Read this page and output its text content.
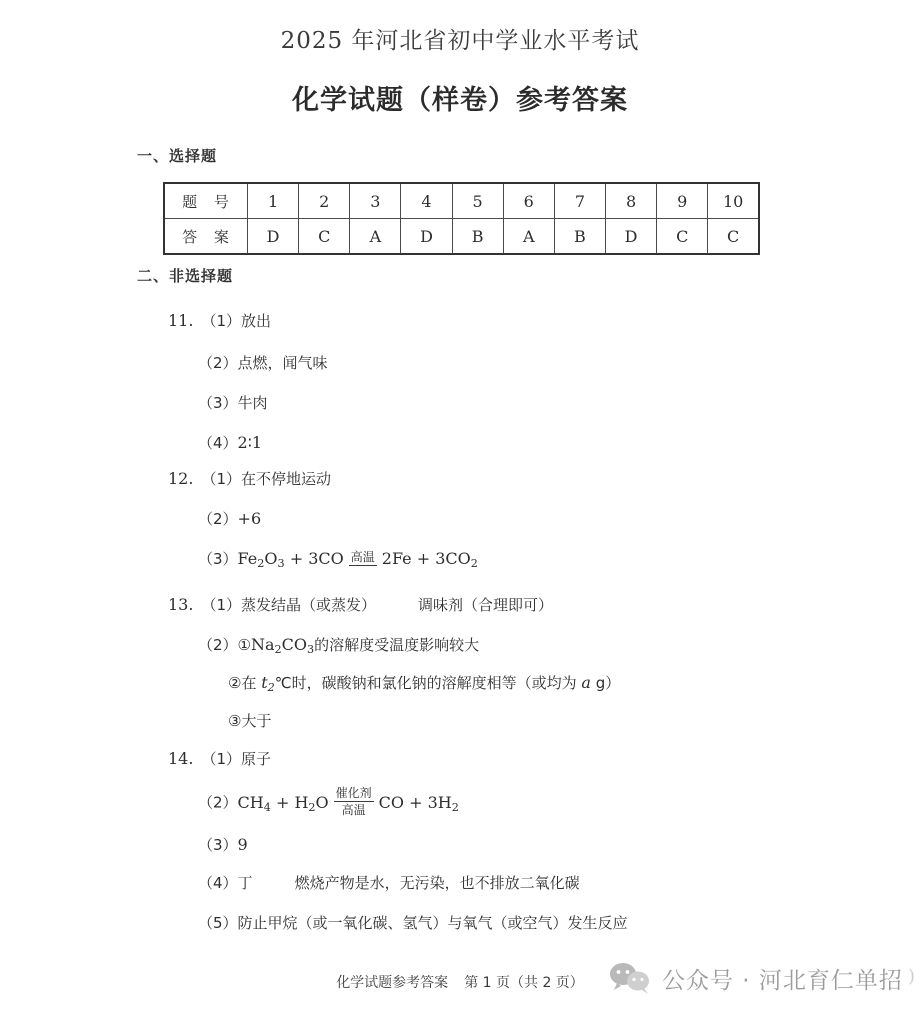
2025 年河北省初中学业水平考试
化学试题（样卷）参考答案
一、选择题
题 号	1	2	3	4	5	6	7	8	9	10
答 案	D	C	A	D	B	A	B	D	C	C
二、非选择题
11. （1）放出
（2）点燃，闻气味
（3）牛肉
（4）2∶1
12. （1）在不停地运动
（2）+6
$(3)Fe_2O_3 + 3CO$ 高温 $2Fe + 3CO_2$
13. （1）蒸发结晶（或蒸发）	调味剂（合理即可）
$(2)①Na_2CO_3$的溶解度受温度影响较大
②在 $t_2℃$时，碳酸钠和氯化钠的溶解度相等（或均为 a g）
③大于
14. （1）原子
$(2)CH_4 + H_2O$ 催化剂
高温 CO + $3H_2$
（3）9
（4）丁	燃烧产物是水，无污染，也不排放二氧化碳
（5）防止甲烷（或一氧化碳、氢气）与氧气（或空气）发生反应
化学试题参考答案 第 1 页（共 2 页）	公众号 · 河北育仁单招 )
